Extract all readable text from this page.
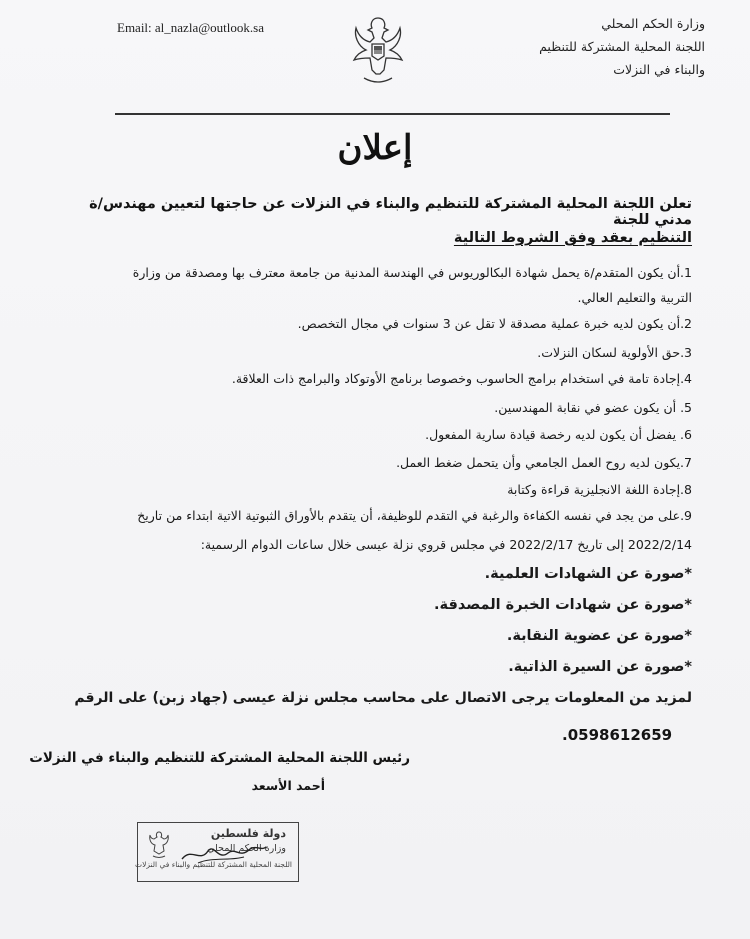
Email: al_nazla@outlook.sa	وزارة الحكم المحلي
اللجنة المحلية المشتركة للتنظيم
والبناء في النزلات
إعلان
تعلن اللجنة المحلية المشتركة للتنظيم والبناء في النزلات عن حاجتها لتعيين مهندس/ة مدني للجنة
التنظيم بعقد وفق الشروط التالية
1.أن يكون المتقدم/ة يحمل شهادة البكالوريوس في الهندسة المدنية من جامعة معترف بها ومصدقة من وزارة
التربية والتعليم العالي.
2.أن يكون لديه خبرة عملية مصدقة لا تقل عن 3 سنوات في مجال التخصص.
3.حق الأولوية لسكان النزلات.
4.إجادة تامة في استخدام برامج الحاسوب وخصوصا برنامج الأوتوكاد والبرامج ذات العلاقة.
5. أن يكون عضو في نقابة المهندسين.
6. يفضل أن يكون لديه رخصة قيادة سارية المفعول.
7.يكون لديه روح العمل الجامعي وأن يتحمل ضغط العمل.
8.إجادة اللغة الانجليزية قراءة وكتابة
9.على من يجد في نفسه الكفاءة والرغبة في التقدم للوظيفة، أن يتقدم بالأوراق الثبوتية الاتية ابتداء من تاريخ
2022/2/14 إلى تاريخ 2022/2/17 في مجلس قروي نزلة عيسى خلال ساعات الدوام الرسمية:
*صورة عن الشهادات العلمية.
*صورة عن شهادات الخبرة المصدقة.
*صورة عن عضوية النقابة.
*صورة عن السيرة الذاتية.
لمزيد من المعلومات يرجى الاتصال على محاسب مجلس نزلة عيسى (جهاد زبن) على الرقم
.0598612659
رئيس اللجنة المحلية المشتركة للتنظيم والبناء في النزلات
أحمد الأسعد
دولة فلسطين
وزارة الحكم المحلي
اللجنة المحلية المشتركة للتنظيم والبناء في النزلات
